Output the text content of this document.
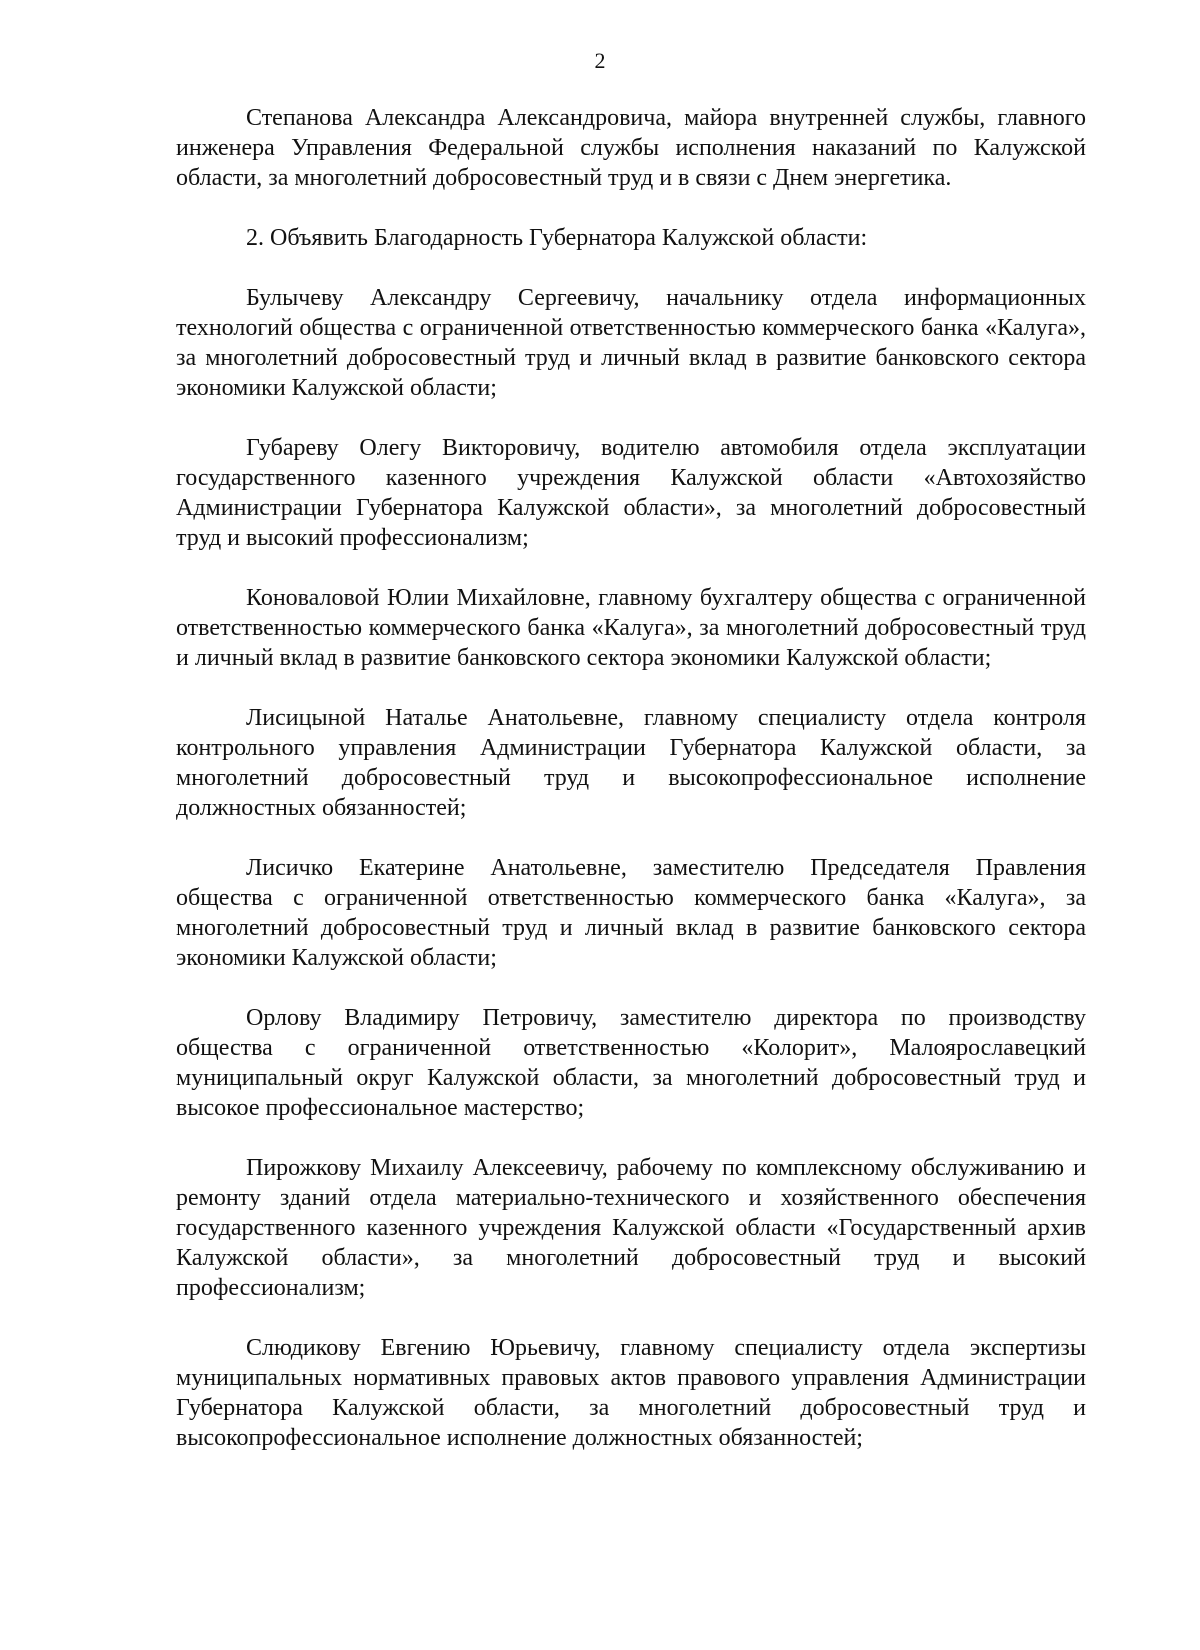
2

Степанова Александра Александровича, майора внутренней службы, главного инженера Управления Федеральной службы исполнения наказаний по Калужской области, за многолетний добросовестный труд и в связи с Днем энергетика.

2. Объявить Благодарность Губернатора Калужской области:

Булычеву Александру Сергеевичу, начальнику отдела информационных технологий общества с ограниченной ответственностью коммерческого банка «Калуга», за многолетний добросовестный труд и личный вклад в развитие банковского сектора экономики Калужской области;

Губареву Олегу Викторовичу, водителю автомобиля отдела эксплуатации государственного казенного учреждения Калужской области «Автохозяйство Администрации Губернатора Калужской области», за многолетний добросовестный труд и высокий профессионализм;

Коноваловой Юлии Михайловне, главному бухгалтеру общества с ограниченной ответственностью коммерческого банка «Калуга», за многолетний добросовестный труд и личный вклад в развитие банковского сектора экономики Калужской области;

Лисицыной Наталье Анатольевне, главному специалисту отдела контроля контрольного управления Администрации Губернатора Калужской области, за многолетний добросовестный труд и высокопрофессиональное исполнение должностных обязанностей;

Лисичко Екатерине Анатольевне, заместителю Председателя Правления общества с ограниченной ответственностью коммерческого банка «Калуга», за многолетний добросовестный труд и личный вклад в развитие банковского сектора экономики Калужской области;

Орлову Владимиру Петровичу, заместителю директора по производству общества с ограниченной ответственностью «Колорит», Малоярославецкий муниципальный округ Калужской области, за многолетний добросовестный труд и высокое профессиональное мастерство;

Пирожкову Михаилу Алексеевичу, рабочему по комплексному обслуживанию и ремонту зданий отдела материально-технического и хозяйственного обеспечения государственного казенного учреждения Калужской области «Государственный архив Калужской области», за многолетний добросовестный труд и высокий профессионализм;

Слюдикову Евгению Юрьевичу, главному специалисту отдела экспертизы муниципальных нормативных правовых актов правового управления Администрации Губернатора Калужской области, за многолетний добросовестный труд и высокопрофессиональное исполнение должностных обязанностей;
